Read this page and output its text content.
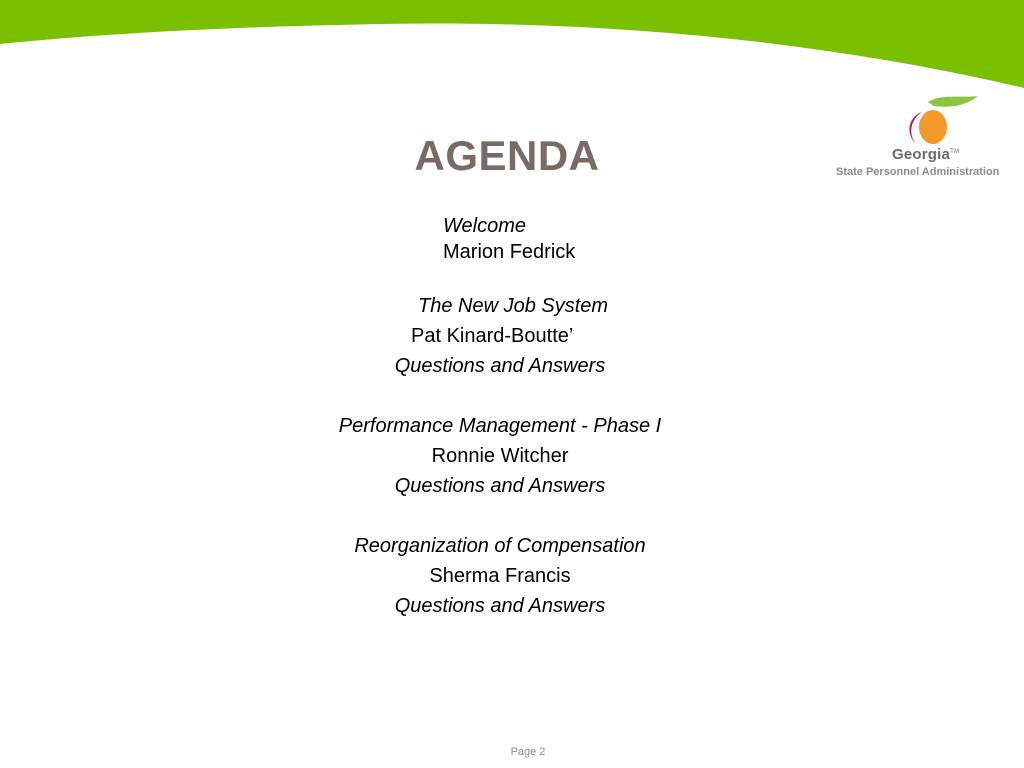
Georgia™
State Personnel Administration
AGENDA
Welcome
Marion Fedrick
The New Job System
Pat Kinard-Boutte’
Questions and Answers
Performance Management - Phase I
Ronnie Witcher
Questions and Answers
Reorganization of Compensation
Sherma Francis
Questions and Answers
Page 2
